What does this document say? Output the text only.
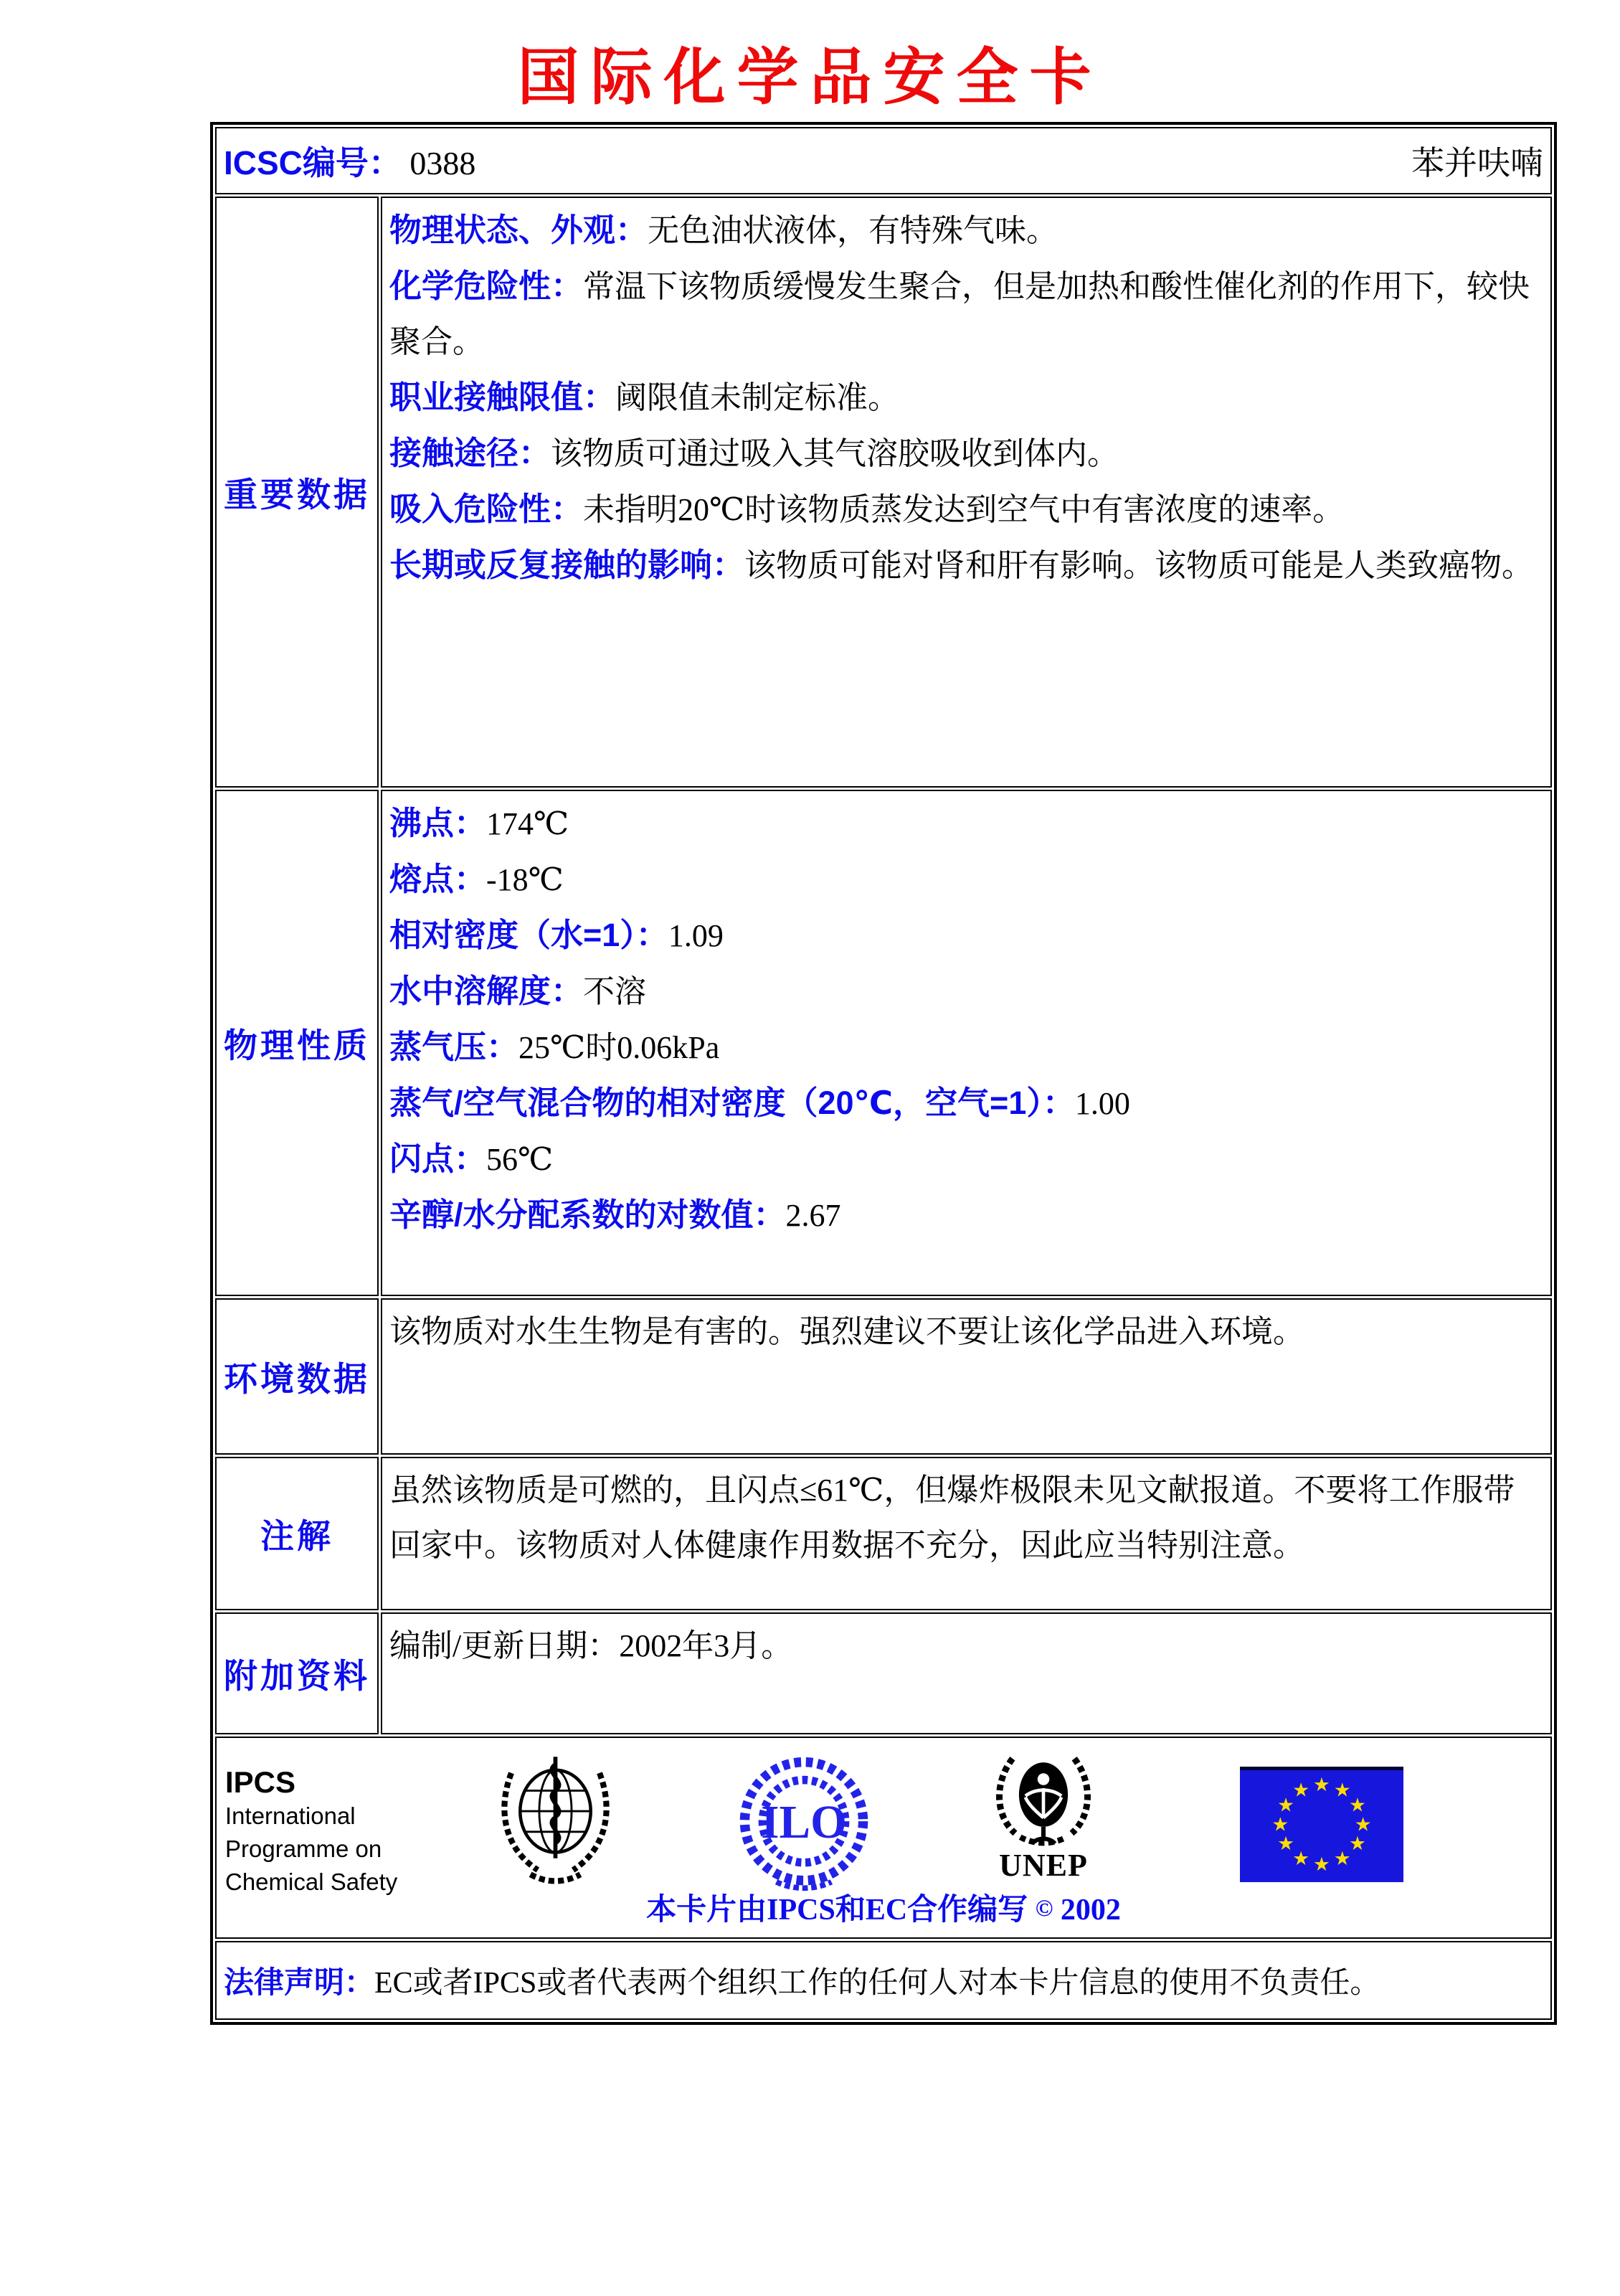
国际化学品安全卡
ICSC编号： 0388	苯并呋喃
重要数据

物理状态、外观：无色油状液体，有特殊气味。

化学危险性：常温下该物质缓慢发生聚合，但是加热和酸性催化剂的作用下，较快聚合。

职业接触限值：阈限值未制定标准。

接触途径：该物质可通过吸入其气溶胶吸收到体内。

吸入危险性：未指明20℃时该物质蒸发达到空气中有害浓度的速率。

长期或反复接触的影响：该物质可能对肾和肝有影响。该物质可能是人类致癌物。

物理性质

沸点：174℃

熔点：-18℃

相对密度（水=1）：1.09

水中溶解度：不溶

蒸气压：25℃时0.06kPa

蒸气/空气混合物的相对密度（20℃，空气=1）：1.00

闪点：56℃

辛醇/水分配系数的对数值：2.67

环境数据

该物质对水生生物是有害的。强烈建议不要让该化学品进入环境。

注解

虽然该物质是可燃的，且闪点≤61℃，但爆炸极限未见文献报道。不要将工作服带回家中。该物质对人体健康作用数据不充分，因此应当特别注意。

附加资料

编制/更新日期：2002年3月。

IPCS
International
Programme on
Chemical Safety
ILO
UNEP
★ ★
★
★
★
★
★
★
★
★
★
★
本卡片由IPCS和EC合作编写 © 2002
法律声明： EC或者IPCS或者代表两个组织工作的任何人对本卡片信息的使用不负责任。
